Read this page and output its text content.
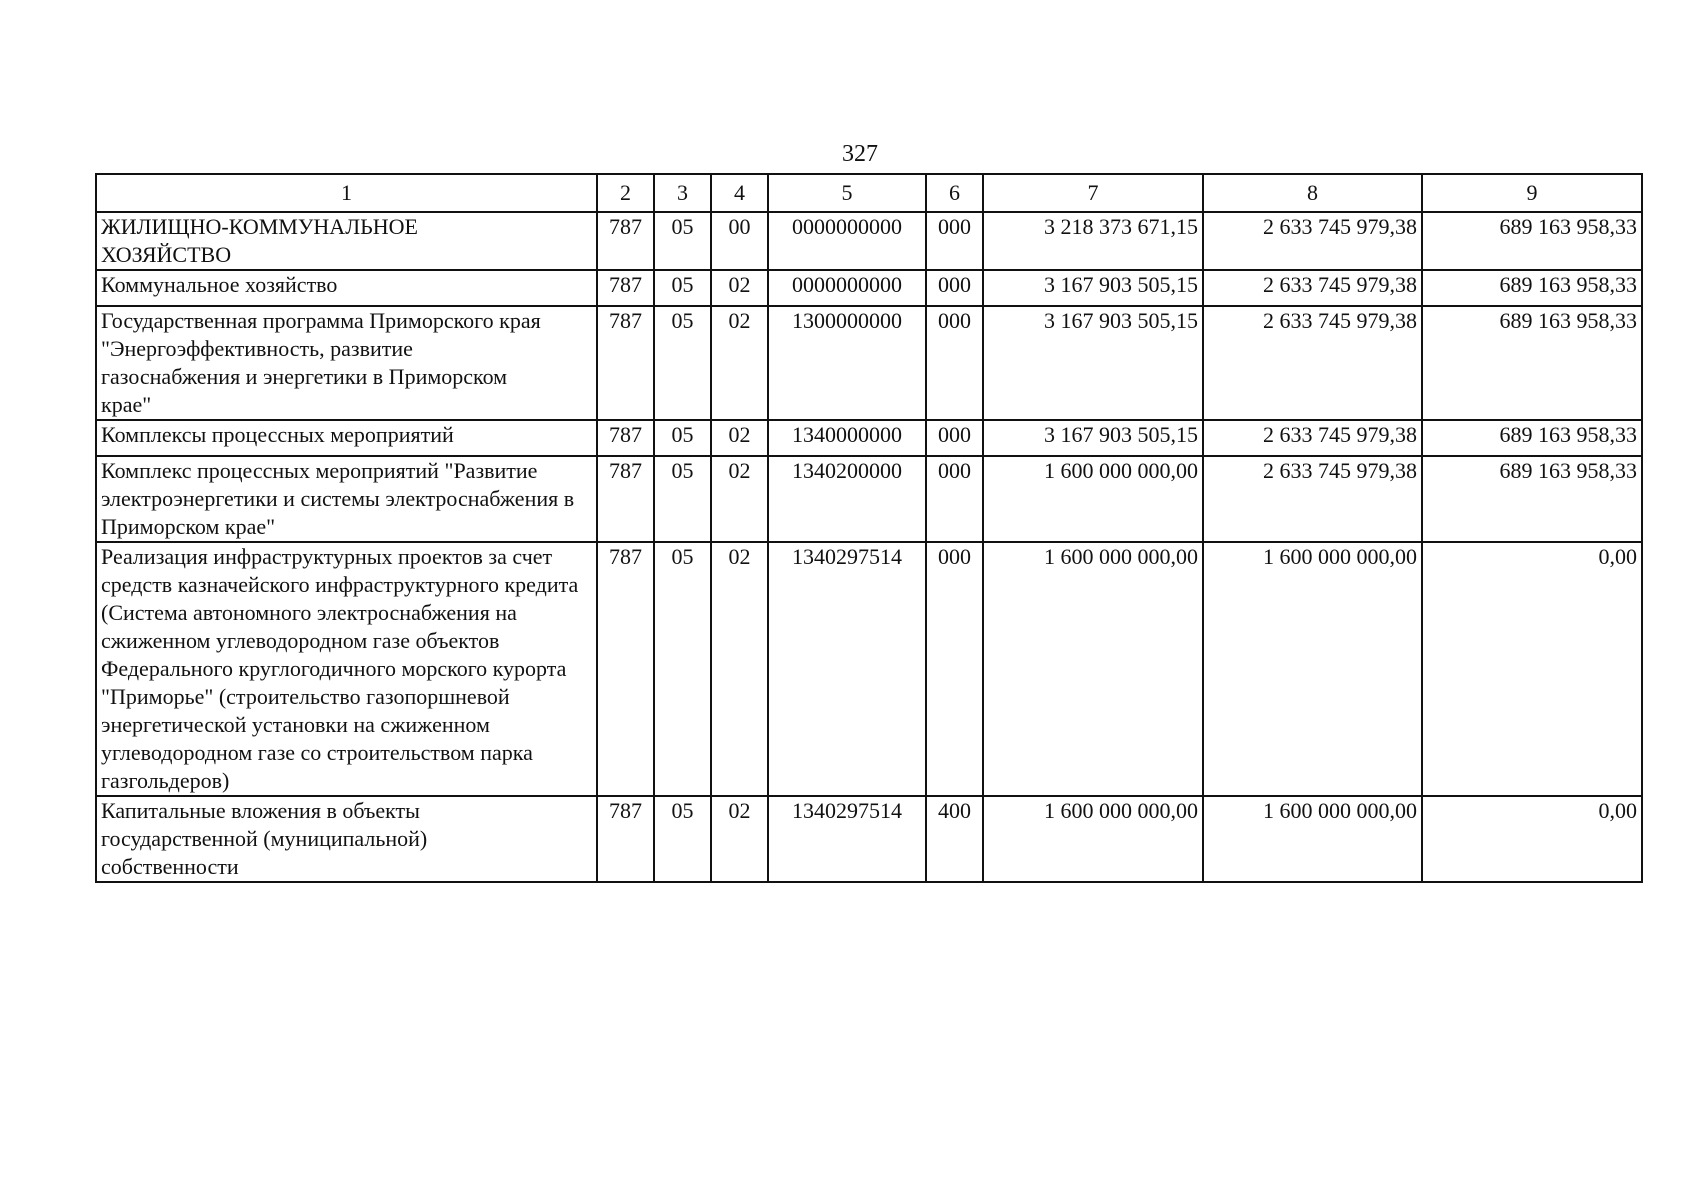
327
1	2	3	4	5	6	7	8	9
ЖИЛИЩНО-КОММУНАЛЬНОЕ ХОЗЯЙСТВО	787	05	00	0000000000	000	3 218 373 671,15	2 633 745 979,38	689 163 958,33
Коммунальное хозяйство	787	05	02	0000000000	000	3 167 903 505,15	2 633 745 979,38	689 163 958,33
Государственная программа Приморского края "Энергоэффективность, развитие газоснабжения и энергетики в Приморском крае"	787	05	02	1300000000	000	3 167 903 505,15	2 633 745 979,38	689 163 958,33
Комплексы процессных мероприятий	787	05	02	1340000000	000	3 167 903 505,15	2 633 745 979,38	689 163 958,33
Комплекс процессных мероприятий "Развитие электроэнергетики и системы электроснабжения в Приморском крае"	787	05	02	1340200000	000	1 600 000 000,00	2 633 745 979,38	689 163 958,33
Реализация инфраструктурных проектов за счет средств казначейского инфраструктурного кредита (Система автономного электроснабжения на сжиженном углеводородном газе объектов Федерального круглогодичного морского курорта "Приморье" (строительство газопоршневой энергетической установки на сжиженном углеводородном газе со строительством парка газгольдеров)	787	05	02	1340297514	000	1 600 000 000,00	1 600 000 000,00	0,00
Капитальные вложения в объекты государственной (муниципальной) собственности	787	05	02	1340297514	400	1 600 000 000,00	1 600 000 000,00	0,00
